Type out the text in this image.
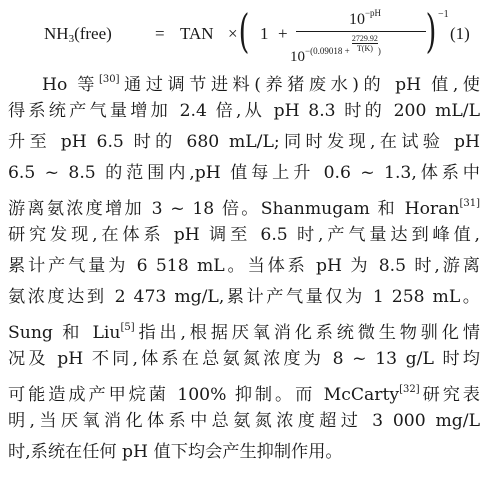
$NH_3(free)$	= TAN × ( 1 +
$10^{-pH}$
$10^{-(0.09018 + \frac{2729.92}{T(K)} )}$ ) −1
(1)
Ho 等[30]通过调节进料(养猪废水)的 pH 值,使
得系统产气量增加 2.4 倍,从 pH 8.3 时的 200 mL/L
升至 pH 6.5 时的 680 mL/L;同时发现,在试验 pH
6.5 ~ 8.5 的范围内,pH 值每上升 0.6 ~ 1.3,体系中
游离氨浓度增加 3 ~ 18 倍。Shanmugam 和 Horan[31]
研究发现,在体系 pH 调至 6.5 时,产气量达到峰值,
累计产气量为 6 518 mL。当体系 pH 为 8.5 时,游离
氨浓度达到 2 473 mg/L,累计产气量仅为 1 258 mL。
Sung 和 Liu[5]指出,根据厌氧消化系统微生物驯化情
况及 pH 不同,体系在总氨氮浓度为 8 ~ 13 g/L 时均
可能造成产甲烷菌 100% 抑制。而 McCarty[32]研究表
明,当厌氧消化体系中总氨氮浓度超过 3 000 mg/L
时,系统在任何 pH 值下均会产生抑制作用。
